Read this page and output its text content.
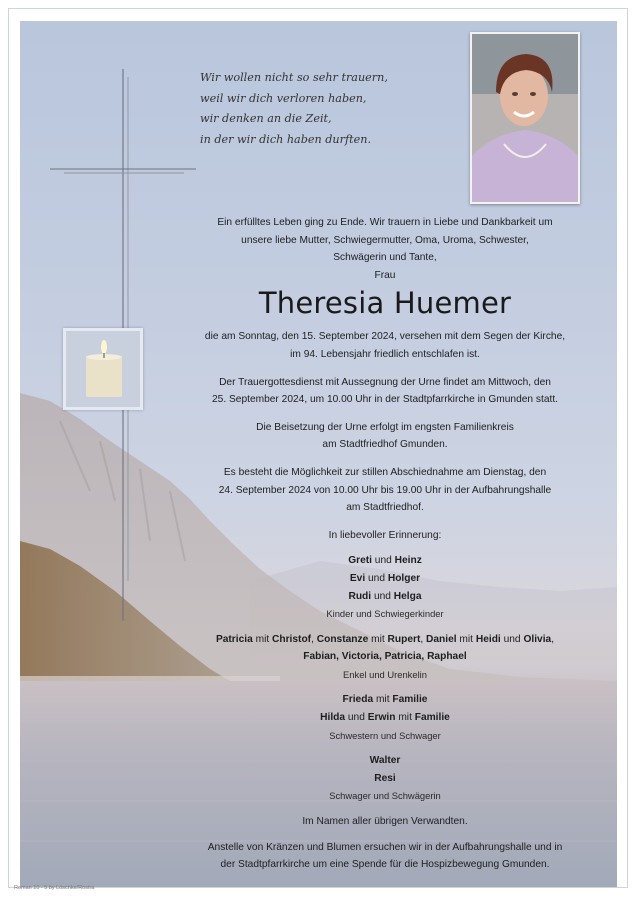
Wir wollen nicht so sehr trauern,
weil wir dich verloren haben,
wir denken an die Zeit,
in der wir dich haben durften.
Ein erfülltes Leben ging zu Ende. Wir trauern in Liebe und Dankbarkeit um
unsere liebe Mutter, Schwiegermutter, Oma, Uroma, Schwester,
Schwägerin und Tante,
Frau
Theresia Huemer
die am Sonntag, den 15. September 2024, versehen mit dem Segen der Kirche,
im 94. Lebensjahr friedlich entschlafen ist.
Der Trauergottesdienst mit Aussegnung der Urne findet am Mittwoch, den
25. September 2024, um 10.00 Uhr in der Stadtpfarrkirche in Gmunden statt.
Die Beisetzung der Urne erfolgt im engsten Familienkreis
am Stadtfriedhof Gmunden.
Es besteht die Möglichkeit zur stillen Abschiednahme am Dienstag, den
24. September 2024 von 10.00 Uhr bis 19.00 Uhr in der Aufbahrungshalle
am Stadtfriedhof.
In liebevoller Erinnerung:
Greti und Heinz
Evi und Holger
Rudi und Helga
Kinder und Schwiegerkinder
Patricia mit Christof, Constanze mit Rupert, Daniel mit Heidi und Olivia,
Fabian, Victoria, Patricia, Raphael
Enkel und Urenkelin
Frieda mit Familie
Hilda und Erwin mit Familie
Schwestern und Schwager
Walter
Resi
Schwager und Schwägerin
Im Namen aller übrigen Verwandten.
Anstelle von Kränzen und Blumen ersuchen wir in der Aufbahrungshalle und in
der Stadtpfarrkirche um eine Spende für die Hospizbewegung Gmunden.
Roman 10 - 5 by Löschke/Rostra
